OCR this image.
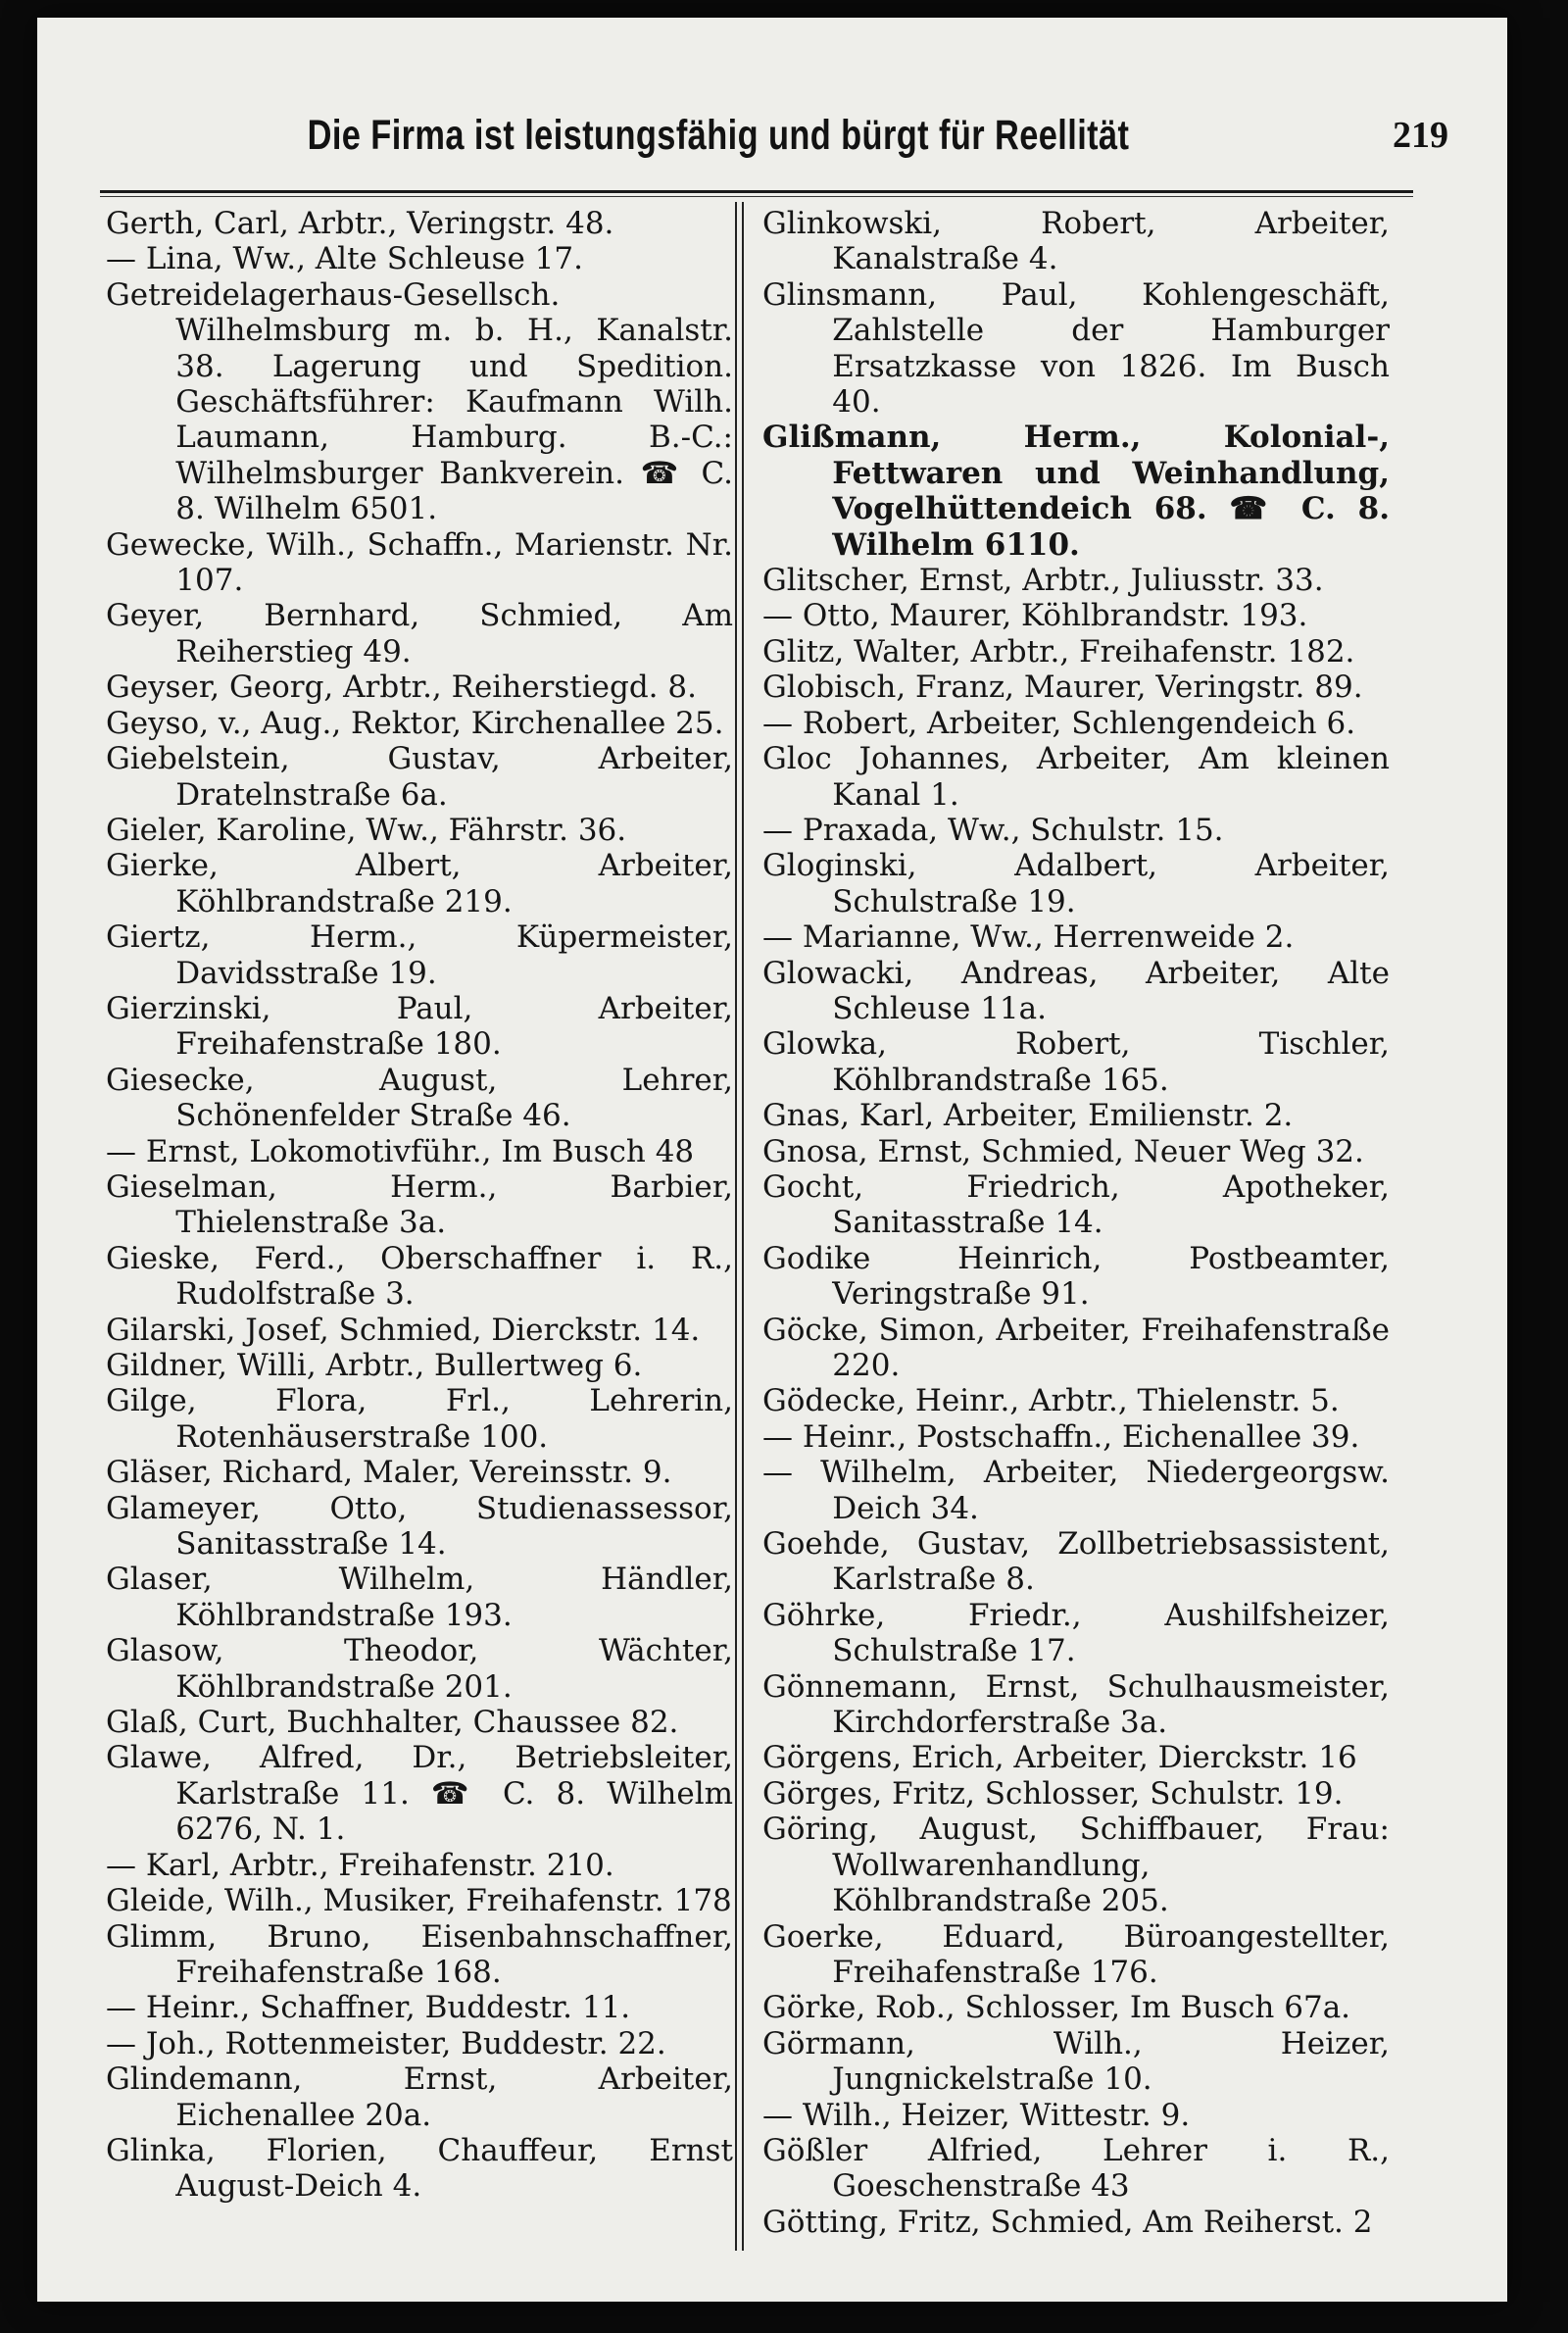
Die Firma ist leistungsfähig und bürgt für Reellität	219

Gerth, Carl, Arbtr., Veringstr. 48.

— Lina, Ww., Alte Schleuse 17.

Getreidelagerhaus-Gesellsch. Wilhelmsburg m. b. H., Kanalstr. 38. Lagerung und Spedition. Geschäftsführer: Kaufmann Wilh. Laumann, Hamburg. B.-C.: Wilhelmsburger Bankverein. ☎ C. 8. Wilhelm 6501.

Gewecke, Wilh., Schaffn., Marienstr. Nr. 107.

Geyer, Bernhard, Schmied, Am Reiherstieg 49.

Geyser, Georg, Arbtr., Reiherstiegd. 8.

Geyso, v., Aug., Rektor, Kirchenallee 25.

Giebelstein, Gustav, Arbeiter, Dratelnstraße 6a.

Gieler, Karoline, Ww., Fährstr. 36.

Gierke, Albert, Arbeiter, Köhlbrandstraße 219.

Giertz, Herm., Küpermeister, Davidsstraße 19.

Gierzinski, Paul, Arbeiter, Freihafenstraße 180.

Giesecke, August, Lehrer, Schönenfelder Straße 46.

— Ernst, Lokomotivführ., Im Busch 48

Gieselman, Herm., Barbier, Thielenstraße 3a.

Gieske, Ferd., Oberschaffner i. R., Rudolfstraße 3.

Gilarski, Josef, Schmied, Dierckstr. 14.

Gildner, Willi, Arbtr., Bullertweg 6.

Gilge, Flora, Frl., Lehrerin, Rotenhäuserstraße 100.

Gläser, Richard, Maler, Vereinsstr. 9.

Glameyer, Otto, Studienassessor, Sanitasstraße 14.

Glaser, Wilhelm, Händler, Köhlbrandstraße 193.

Glasow, Theodor, Wächter, Köhlbrandstraße 201.

Glaß, Curt, Buchhalter, Chaussee 82.

Glawe, Alfred, Dr., Betriebsleiter, Karlstraße 11. ☎ C. 8. Wilhelm 6276, N. 1.

— Karl, Arbtr., Freihafenstr. 210.

Gleide, Wilh., Musiker, Freihafenstr. 178

Glimm, Bruno, Eisenbahnschaffner, Freihafenstraße 168.

— Heinr., Schaffner, Buddestr. 11.

— Joh., Rottenmeister, Buddestr. 22.

Glindemann, Ernst, Arbeiter, Eichenallee 20a.

Glinka, Florien, Chauffeur, Ernst August-Deich 4.

Glinkowski, Robert, Arbeiter, Kanalstraße 4.

Glinsmann, Paul, Kohlengeschäft, Zahlstelle der Hamburger Ersatzkasse von 1826. Im Busch 40.

Glißmann, Herm., Kolonial-, Fettwaren und Weinhandlung, Vogelhüttendeich 68. ☎ C. 8. Wilhelm 6110.

Glitscher, Ernst, Arbtr., Juliusstr. 33.

— Otto, Maurer, Köhlbrandstr. 193.

Glitz, Walter, Arbtr., Freihafenstr. 182.

Globisch, Franz, Maurer, Veringstr. 89.

— Robert, Arbeiter, Schlengendeich 6.

Gloc Johannes, Arbeiter, Am kleinen Kanal 1.

— Praxada, Ww., Schulstr. 15.

Gloginski, Adalbert, Arbeiter, Schulstraße 19.

— Marianne, Ww., Herrenweide 2.

Glowacki, Andreas, Arbeiter, Alte Schleuse 11a.

Glowka, Robert, Tischler, Köhlbrandstraße 165.

Gnas, Karl, Arbeiter, Emilienstr. 2.

Gnosa, Ernst, Schmied, Neuer Weg 32.

Gocht, Friedrich, Apotheker, Sanitasstraße 14.

Godike Heinrich, Postbeamter, Veringstraße 91.

Göcke, Simon, Arbeiter, Freihafenstraße 220.

Gödecke, Heinr., Arbtr., Thielenstr. 5.

— Heinr., Postschaffn., Eichenallee 39.

— Wilhelm, Arbeiter, Niedergeorgsw. Deich 34.

Goehde, Gustav, Zollbetriebsassistent, Karlstraße 8.

Göhrke, Friedr., Aushilfsheizer, Schulstraße 17.

Gönnemann, Ernst, Schulhausmeister, Kirchdorferstraße 3a.

Görgens, Erich, Arbeiter, Dierckstr. 16

Görges, Fritz, Schlosser, Schulstr. 19.

Göring, August, Schiffbauer, Frau: Wollwarenhandlung, Köhlbrandstraße 205.

Goerke, Eduard, Büroangestellter, Freihafenstraße 176.

Görke, Rob., Schlosser, Im Busch 67a.

Görmann, Wilh., Heizer, Jungnickelstraße 10.

— Wilh., Heizer, Wittestr. 9.

Gößler Alfried, Lehrer i. R., Goeschenstraße 43

Götting, Fritz, Schmied, Am Reiherst. 2
